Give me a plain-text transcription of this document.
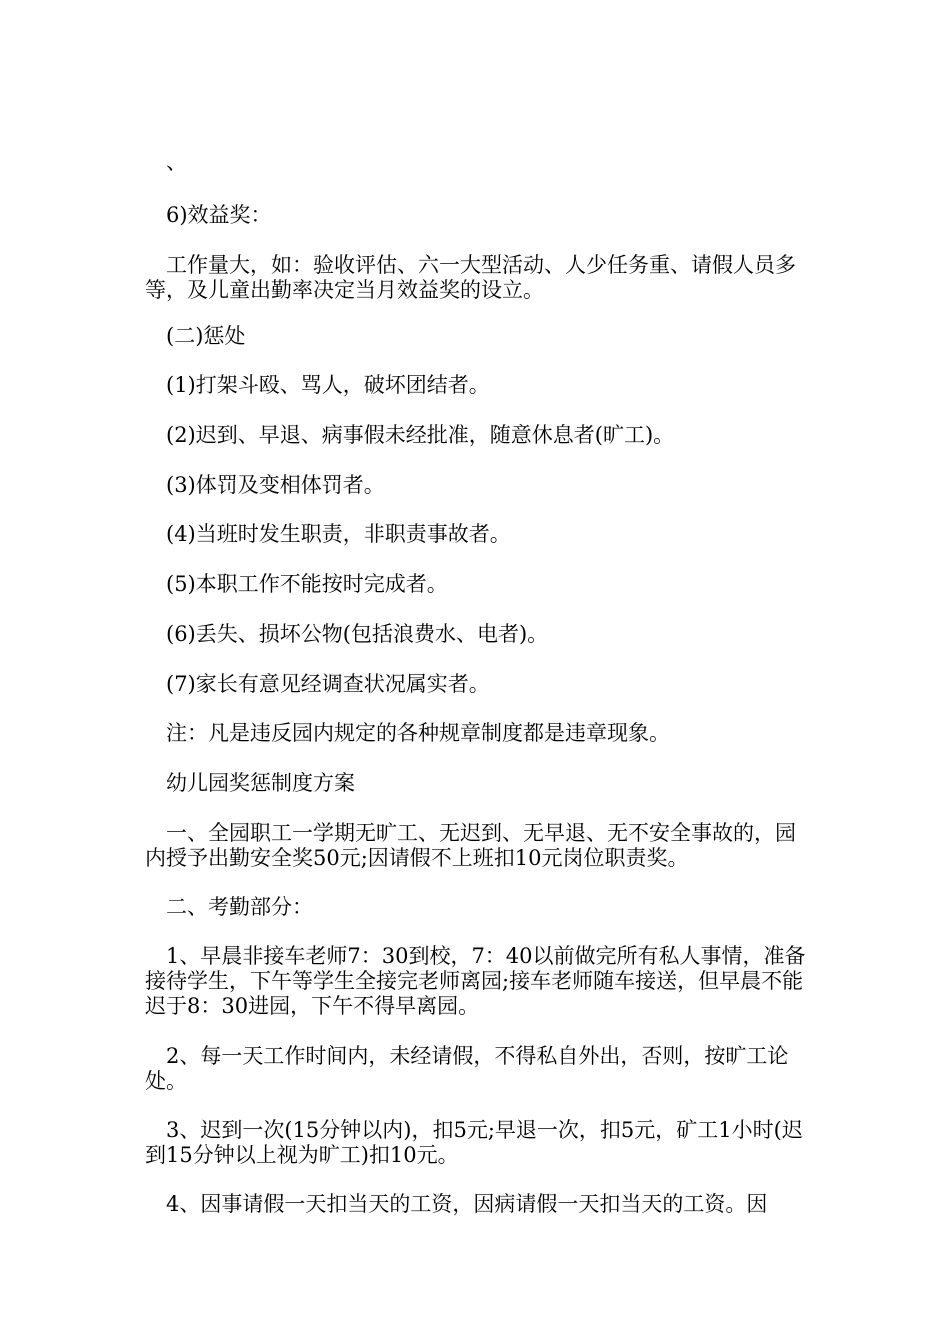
、

6)效益奖：

工作量大，如：验收评估、六一大型活动、人少任务重、请假人员多等，及儿童出勤率决定当月效益奖的设立。

(二)惩处

(1)打架斗殴、骂人，破坏团结者。

(2)迟到、早退、病事假未经批准，随意休息者(旷工)。

(3)体罚及变相体罚者。

(4)当班时发生职责，非职责事故者。

(5)本职工作不能按时完成者。

(6)丢失、损坏公物(包括浪费水、电者)。

(7)家长有意见经调查状况属实者。

注：凡是违反园内规定的各种规章制度都是违章现象。

幼儿园奖惩制度方案

一、全园职工一学期无旷工、无迟到、无早退、无不安全事故的，园内授予出勤安全奖50元;因请假不上班扣10元岗位职责奖。

二、考勤部分：

1、早晨非接车老师7：30到校，7：40以前做完所有私人事情，准备接待学生，下午等学生全接完老师离园;接车老师随车接送，但早晨不能迟于8：30进园，下午不得早离园。

2、每一天工作时间内，未经请假，不得私自外出，否则，按旷工论处。

3、迟到一次(15分钟以内)，扣5元;早退一次，扣5元，矿工1小时(迟到15分钟以上视为旷工)扣10元。

4、因事请假一天扣当天的工资，因病请假一天扣当天的工资。因
